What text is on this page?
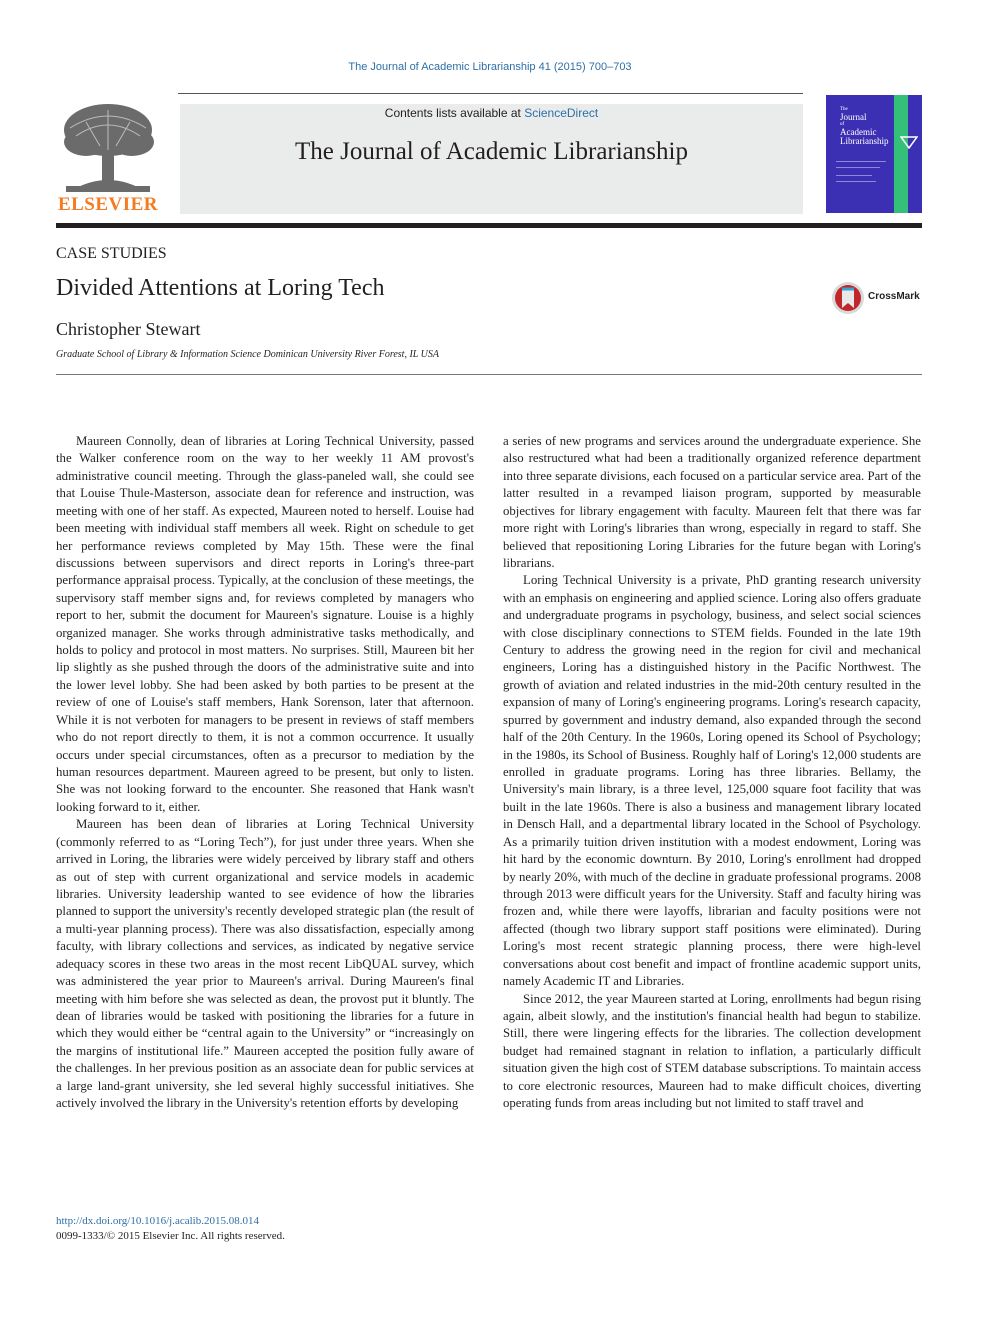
The Journal of Academic Librarianship 41 (2015) 700–703
ELSEVIER
Contents lists available at ScienceDirect
The Journal of Academic Librarianship
The
Journal
of
Academic
Librarianship
CASE STUDIES
Divided Attentions at Loring Tech
Christopher Stewart
Graduate School of Library & Information Science Dominican University River Forest, IL USA
CrossMark

Maureen Connolly, dean of libraries at Loring Technical University, passed the Walker conference room on the way to her weekly 11 AM provost's administrative council meeting. Through the glass-paneled wall, she could see that Louise Thule-Masterson, associate dean for reference and instruction, was meeting with one of her staff. As expected, Maureen noted to herself. Louise had been meeting with individual staff members all week. Right on schedule to get her performance reviews completed by May 15th. These were the final discussions between supervisors and direct reports in Loring's three-part performance appraisal process. Typically, at the conclusion of these meetings, the supervisory staff member signs and, for reviews completed by managers who report to her, submit the document for Maureen's signature. Louise is a highly organized manager. She works through administrative tasks methodically, and holds to policy and protocol in most matters. No surprises. Still, Maureen bit her lip slightly as she pushed through the doors of the administrative suite and into the lower level lobby. She had been asked by both parties to be present at the review of one of Louise's staff members, Hank Sorenson, later that afternoon. While it is not verboten for managers to be present in reviews of staff members who do not report directly to them, it is not a common occurrence. It usually occurs under special circumstances, often as a precursor to mediation by the human resources department. Maureen agreed to be present, but only to listen. She was not looking forward to the encounter. She reasoned that Hank wasn't looking forward to it, either.

Maureen has been dean of libraries at Loring Technical University (commonly referred to as “Loring Tech”), for just under three years. When she arrived in Loring, the libraries were widely perceived by library staff and others as out of step with current organizational and service models in academic libraries. University leadership wanted to see evidence of how the libraries planned to support the university's recently developed strategic plan (the result of a multi-year planning process). There was also dissatisfaction, especially among faculty, with library collections and services, as indicated by negative service adequacy scores in these two areas in the most recent LibQUAL survey, which was administered the year prior to Maureen's arrival. During Maureen's final meeting with him before she was selected as dean, the provost put it bluntly. The dean of libraries would be tasked with positioning the libraries for a future in which they would either be “central again to the University” or “increasingly on the margins of institutional life.” Maureen accepted the position fully aware of the challenges. In her previous position as an associate dean for public services at a large land-grant university, she led several highly successful initiatives. She actively involved the library in the University's retention efforts by developing

a series of new programs and services around the undergraduate experience. She also restructured what had been a traditionally organized reference department into three separate divisions, each focused on a particular service area. Part of the latter resulted in a revamped liaison program, supported by measurable objectives for library engagement with faculty. Maureen felt that there was far more right with Loring's libraries than wrong, especially in regard to staff. She believed that repositioning Loring Libraries for the future began with Loring's librarians.

Loring Technical University is a private, PhD granting research university with an emphasis on engineering and applied science. Loring also offers graduate and undergraduate programs in psychology, business, and select social sciences with close disciplinary connections to STEM fields. Founded in the late 19th Century to address the growing need in the region for civil and mechanical engineers, Loring has a distinguished history in the Pacific Northwest. The growth of aviation and related industries in the mid-20th century resulted in the expansion of many of Loring's engineering programs. Loring's research capacity, spurred by government and industry demand, also expanded through the second half of the 20th Century. In the 1960s, Loring opened its School of Psychology; in the 1980s, its School of Business. Roughly half of Loring's 12,000 students are enrolled in graduate programs. Loring has three libraries. Bellamy, the University's main library, is a three level, 125,000 square foot facility that was built in the late 1960s. There is also a business and management library located in Densch Hall, and a departmental library located in the School of Psychology. As a primarily tuition driven institution with a modest endowment, Loring was hit hard by the economic downturn. By 2010, Loring's enrollment had dropped by nearly 20%, with much of the decline in graduate professional programs. 2008 through 2013 were difficult years for the University. Staff and faculty hiring was frozen and, while there were layoffs, librarian and faculty positions were not affected (though two library support staff positions were eliminated). During Loring's most recent strategic planning process, there were high-level conversations about cost benefit and impact of frontline academic support units, namely Academic IT and Libraries.

Since 2012, the year Maureen started at Loring, enrollments had begun rising again, albeit slowly, and the institution's financial health had begun to stabilize. Still, there were lingering effects for the libraries. The collection development budget had remained stagnant in relation to inflation, a particularly difficult situation given the high cost of STEM database subscriptions. To maintain access to core electronic resources, Maureen had to make difficult choices, diverting operating funds from areas including but not limited to staff travel and

http://dx.doi.org/10.1016/j.acalib.2015.08.014
0099-1333/© 2015 Elsevier Inc. All rights reserved.
